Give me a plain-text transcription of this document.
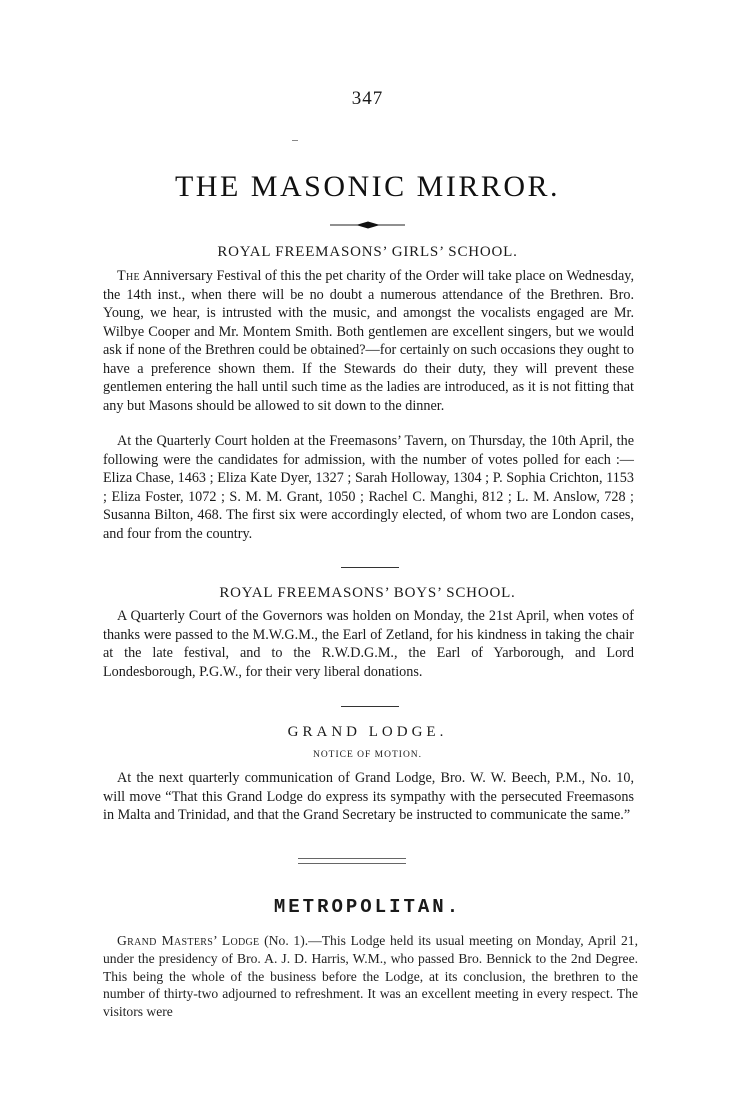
347
THE MASONIC MIRROR.
ROYAL FREEMASONS’ GIRLS’ SCHOOL.
The Anniversary Festival of this the pet charity of the Order will take place on Wednesday, the 14th inst., when there will be no doubt a numerous attendance of the Brethren. Bro. Young, we hear, is intrusted with the music, and amongst the vocalists engaged are Mr. Wilbye Cooper and Mr. Montem Smith. Both gentlemen are excellent singers, but we would ask if none of the Brethren could be obtained?—for certainly on such occasions they ought to have a preference shown them. If the Stewards do their duty, they will prevent these gentlemen entering the hall until such time as the ladies are introduced, as it is not fitting that any but Masons should be allowed to sit down to the dinner.
At the Quarterly Court holden at the Freemasons’ Tavern, on Thursday, the 10th April, the following were the candidates for admission, with the number of votes polled for each :—Eliza Chase, 1463 ; Eliza Kate Dyer, 1327 ; Sarah Holloway, 1304 ; P. Sophia Crichton, 1153 ; Eliza Foster, 1072 ; S. M. M. Grant, 1050 ; Rachel C. Manghi, 812 ; L. M. Anslow, 728 ; Susanna Bilton, 468. The first six were accordingly elected, of whom two are London cases, and four from the country.
ROYAL FREEMASONS’ BOYS’ SCHOOL.
A Quarterly Court of the Governors was holden on Monday, the 21st April, when votes of thanks were passed to the M.W.G.M., the Earl of Zetland, for his kindness in taking the chair at the late festival, and to the R.W.D.G.M., the Earl of Yarborough, and Lord Londesborough, P.G.W., for their very liberal donations.
GRAND LODGE.
NOTICE OF MOTION.
At the next quarterly communication of Grand Lodge, Bro. W. W. Beech, P.M., No. 10, will move “That this Grand Lodge do express its sympathy with the persecuted Freemasons in Malta and Trinidad, and that the Grand Secretary be instructed to communicate the same.”
METROPOLITAN.
Grand Masters’ Lodge (No. 1).—This Lodge held its usual meeting on Monday, April 21, under the presidency of Bro. A. J. D. Harris, W.M., who passed Bro. Bennick to the 2nd Degree. This being the whole of the business before the Lodge, at its conclusion, the brethren to the number of thirty-two adjourned to refreshment. It was an excellent meeting in every respect. The visitors were
